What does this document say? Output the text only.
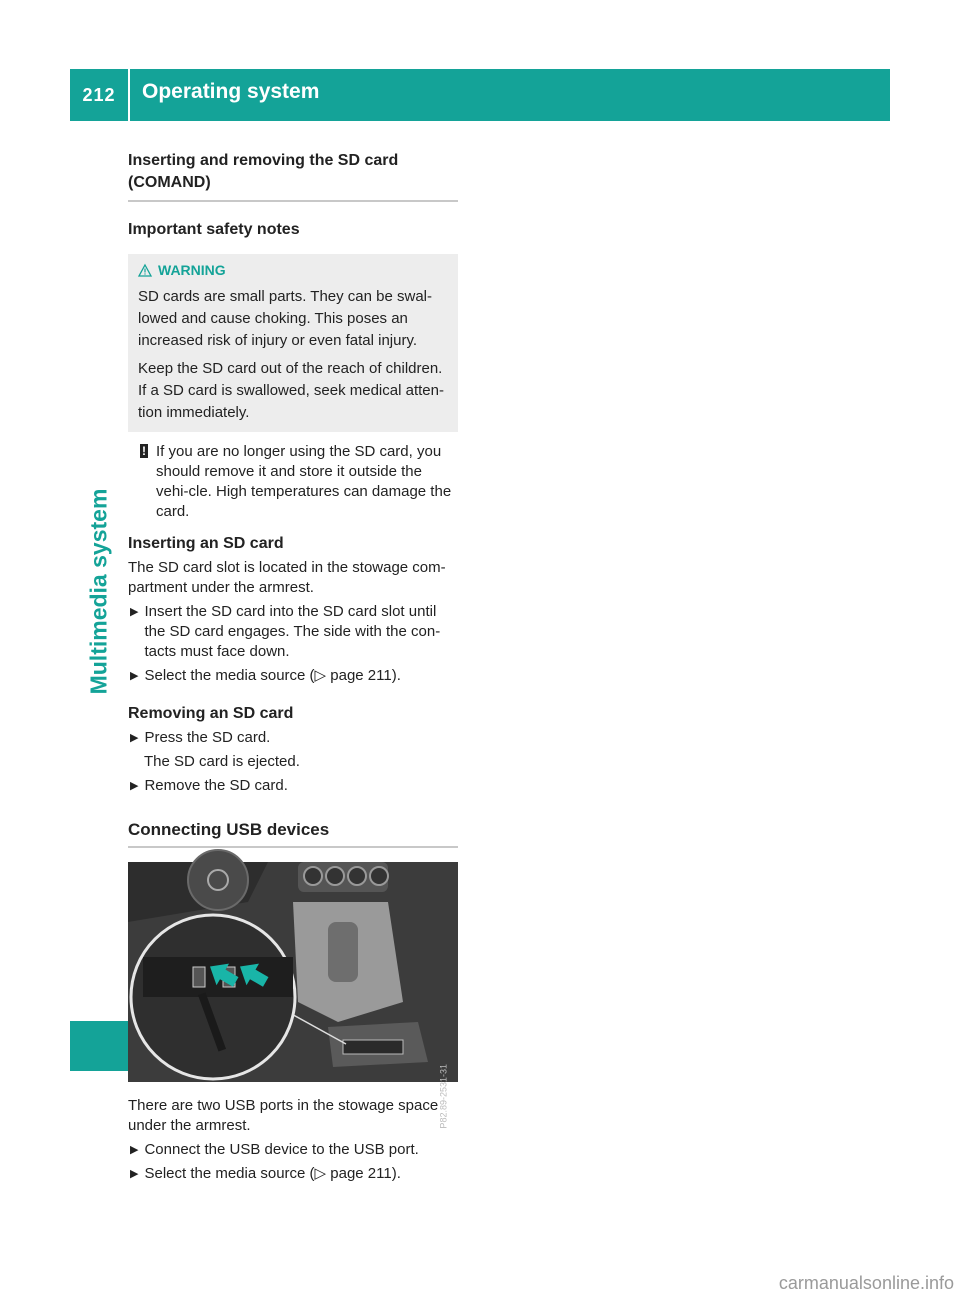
212	Operating system
Multimedia system
Inserting and removing the SD card (COMAND)
Important safety notes
WARNING

SD cards are small parts. They can be swal-lowed and cause choking. This poses an increased risk of injury or even fatal injury.

Keep the SD card out of the reach of children. If a SD card is swallowed, seek medical atten-tion immediately.

! If you are no longer using the SD card, you should remove it and store it outside the vehi-cle. High temperatures can damage the card.
Inserting an SD card
The SD card slot is located in the stowage com-partment under the armrest.
▶ Insert the SD card into the SD card slot until the SD card engages. The side with the con-tacts must face down.
▶ Select the media source (▷ page 211).
Removing an SD card
▶ Press the SD card.
The SD card is ejected.
▶ Remove the SD card.
Connecting USB devices
P82.89-2531-31
There are two USB ports in the stowage space under the armrest.
▶ Connect the USB device to the USB port.
▶ Select the media source (▷ page 211).
carmanualsonline.info
